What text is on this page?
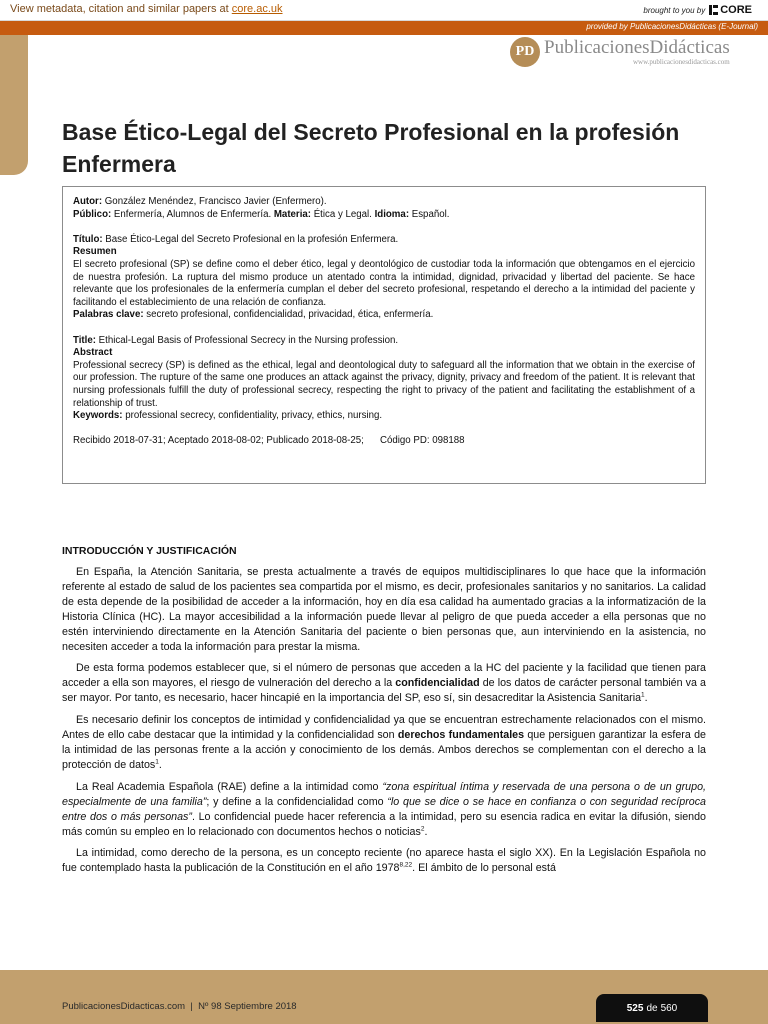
View metadata, citation and similar papers at core.ac.uk	brought to you by CORE
provided by PublicacionesDidácticas (E-Journal)
PD PublicacionesDidácticas
www.publicacionesdidacticas.com
Base Ético-Legal del Secreto Profesional en la profesión Enfermera

Autor: González Menéndez, Francisco Javier (Enfermero).

Público: Enfermería, Alumnos de Enfermería. Materia: Ética y Legal. Idioma: Español.

Título: Base Ético-Legal del Secreto Profesional en la profesión Enfermera.

Resumen

El secreto profesional (SP) se define como el deber ético, legal y deontológico de custodiar toda la información que obtengamos en el ejercicio de nuestra profesión. La ruptura del mismo produce un atentado contra la intimidad, dignidad, privacidad y libertad del paciente. Se hace relevante que los profesionales de la enfermería cumplan el deber del secreto profesional, respetando el derecho a la intimidad del paciente y facilitando el establecimiento de una relación de confianza.

Palabras clave: secreto profesional, confidencialidad, privacidad, ética, enfermería.

Title: Ethical-Legal Basis of Professional Secrecy in the Nursing profession.

Abstract

Professional secrecy (SP) is defined as the ethical, legal and deontological duty to safeguard all the information that we obtain in the exercise of our profession. The rupture of the same one produces an attack against the privacy, dignity, privacy and freedom of the patient. It is relevant that nursing professionals fulfill the duty of professional secrecy, respecting the right to privacy of the patient and facilitating the establishment of a relationship of trust.

Keywords: professional secrecy, confidentiality, privacy, ethics, nursing.

Recibido 2018-07-31; Aceptado 2018-08-02; Publicado 2018-08-25; Código PD: 098188

INTRODUCCIÓN Y JUSTIFICACIÓN

En España, la Atención Sanitaria, se presta actualmente a través de equipos multidisciplinares lo que hace que la información referente al estado de salud de los pacientes sea compartida por el mismo, es decir, profesionales sanitarios y no sanitarios. La calidad de esta depende de la posibilidad de acceder a la información, hoy en día esa calidad ha aumentado gracias a la informatización de la Historia Clínica (HC). La mayor accesibilidad a la información puede llevar al peligro de que pueda acceder a ella personas que no estén interviniendo directamente en la Atención Sanitaria del paciente o bien personas que, aun interviniendo en la asistencia, no necesiten acceder a toda la información para prestar la misma.

De esta forma podemos establecer que, si el número de personas que acceden a la HC del paciente y la facilidad que tienen para acceder a ella son mayores, el riesgo de vulneración del derecho a la confidencialidad de los datos de carácter personal también va a ser mayor. Por tanto, es necesario, hacer hincapié en la importancia del SP, eso sí, sin desacreditar la Asistencia Sanitaria$^1$.

Es necesario definir los conceptos de intimidad y confidencialidad ya que se encuentran estrechamente relacionados con el mismo. Antes de ello cabe destacar que la intimidad y la confidencialidad son derechos fundamentales que persiguen garantizar la esfera de la intimidad de las personas frente a la acción y conocimiento de los demás. Ambos derechos se complementan con el derecho a la protección de datos$^1$.

La Real Academia Española (RAE) define a la intimidad como “zona espiritual íntima y reservada de una persona o de un grupo, especialmente de una familia”; y define a la confidencialidad como “lo que se dice o se hace en confianza o con seguridad recíproca entre dos o más personas”. Lo confidencial puede hacer referencia a la intimidad, pero su esencia radica en evitar la difusión, siendo más común su empleo en lo relacionado con documentos hechos o noticias$^2$.

La intimidad, como derecho de la persona, es un concepto reciente (no aparece hasta el siglo XX). En la Legislación Española no fue contemplado hasta la publicación de la Constitución en el año 1978$^{8,22}$. El ámbito de lo personal está

PublicacionesDidacticas.com | Nº 98 Septiembre 2018	525 de 560
